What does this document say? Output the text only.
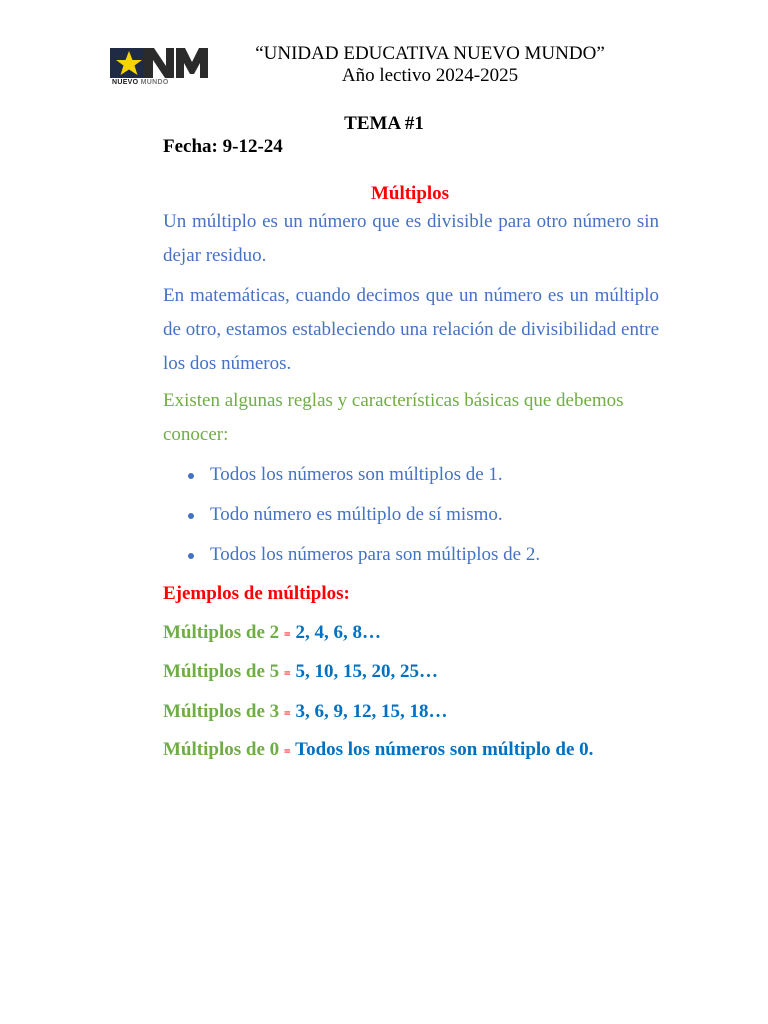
NUEVO MUNDO
“UNIDAD EDUCATIVA NUEVO MUNDO”
Año lectivo 2024-2025
TEMA #1
Fecha: 9-12-24
Múltiplos
Un múltiplo es un número que es divisible para otro número sin dejar residuo.
En matemáticas, cuando decimos que un número es un múltiplo de otro, estamos estableciendo una relación de divisibilidad entre los dos números.
Existen algunas reglas y características básicas que debemos conocer:
Todos los números son múltiplos de 1.
Todo número es múltiplo de sí mismo.
Todos los números para son múltiplos de 2.
Ejemplos de múltiplos:
Múltiplos de 2 = 2, 4, 6, 8…
Múltiplos de 5 = 5, 10, 15, 20, 25…
Múltiplos de 3 = 3, 6, 9, 12, 15, 18…
Múltiplos de 0 = Todos los números son múltiplo de 0.
